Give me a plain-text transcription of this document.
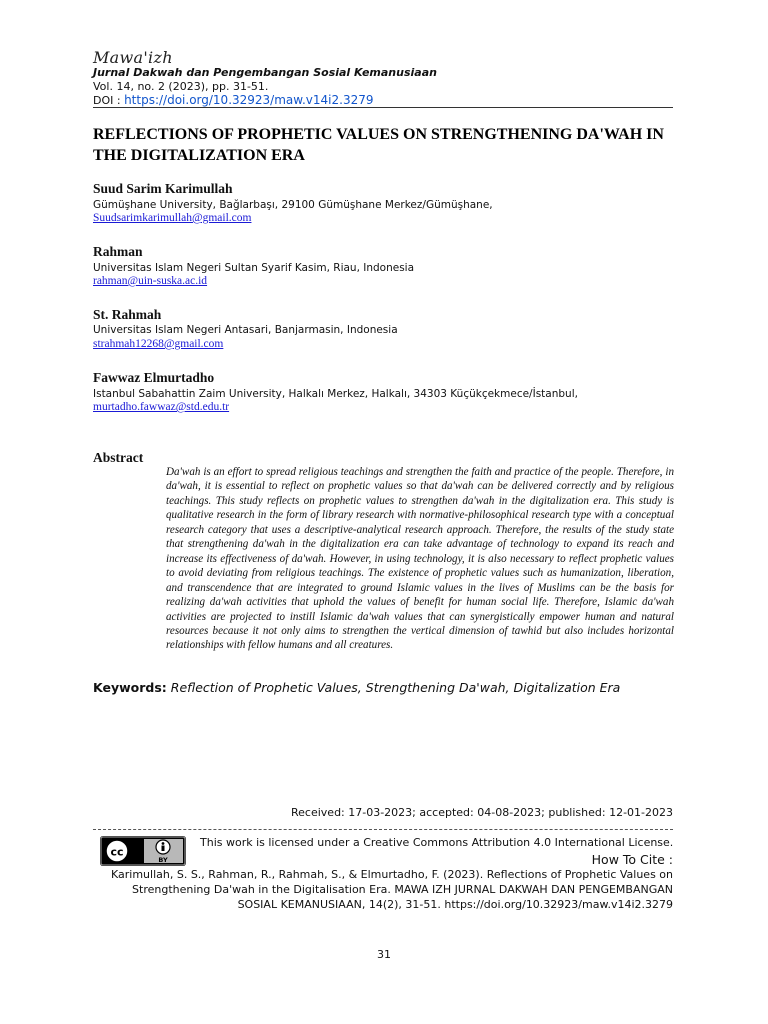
Mawa'izh
Jurnal Dakwah dan Pengembangan Sosial Kemanusiaan
Vol. 14, no. 2 (2023), pp. 31-51.
DOI : https://doi.org/10.32923/maw.v14i2.3279
REFLECTIONS OF PROPHETIC VALUES ON STRENGTHENING DA'WAH IN THE DIGITALIZATION ERA
Suud Sarim Karimullah
Gümüşhane University, Bağlarbaşı, 29100 Gümüşhane Merkez/Gümüşhane,
Suudsarimkarimullah@gmail.com
Rahman
Universitas Islam Negeri Sultan Syarif Kasim, Riau, Indonesia
rahman@uin-suska.ac.id
St. Rahmah
Universitas Islam Negeri Antasari, Banjarmasin, Indonesia
strahmah12268@gmail.com
Fawwaz Elmurtadho
Istanbul Sabahattin Zaim University, Halkalı Merkez, Halkalı, 34303 Küçükçekmece/İstanbul,
murtadho.fawwaz@std.edu.tr
Abstract

Da'wah is an effort to spread religious teachings and strengthen the faith and practice of the people. Therefore, in da'wah, it is essential to reflect on prophetic values so that da'wah can be delivered correctly and by religious teachings. This study reflects on prophetic values to strengthen da'wah in the digitalization era. This study is qualitative research in the form of library research with normative-philosophical research type with a conceptual research category that uses a descriptive-analytical research approach. Therefore, the results of the study state that strengthening da'wah in the digitalization era can take advantage of technology to expand its reach and increase its effectiveness of da'wah. However, in using technology, it is also necessary to reflect prophetic values to avoid deviating from religious teachings. The existence of prophetic values such as humanization, liberation, and transcendence that are integrated to ground Islamic values in the lives of Muslims can be the basis for realizing da'wah activities that uphold the values of benefit for human social life. Therefore, Islamic da'wah activities are projected to instill Islamic da'wah values that can synergistically empower human and natural resources because it not only aims to strengthen the vertical dimension of tawhid but also includes horizontal relationships with fellow humans and all creatures.

Keywords: Reflection of Prophetic Values, Strengthening Da'wah, Digitalization Era
Received: 17-03-2023; accepted: 04-08-2023; published: 12-01-2023
cc
BY
This work is licensed under a Creative Commons Attribution 4.0 International License.
How To Cite :
Karimullah, S. S., Rahman, R., Rahmah, S., & Elmurtadho, F. (2023). Reflections of Prophetic Values on Strengthening Da'wah in the Digitalisation Era. MAWA IZH JURNAL DAKWAH DAN PENGEMBANGAN SOSIAL KEMANUSIAAN, 14(2), 31-51. https://doi.org/10.32923/maw.v14i2.3279
31
